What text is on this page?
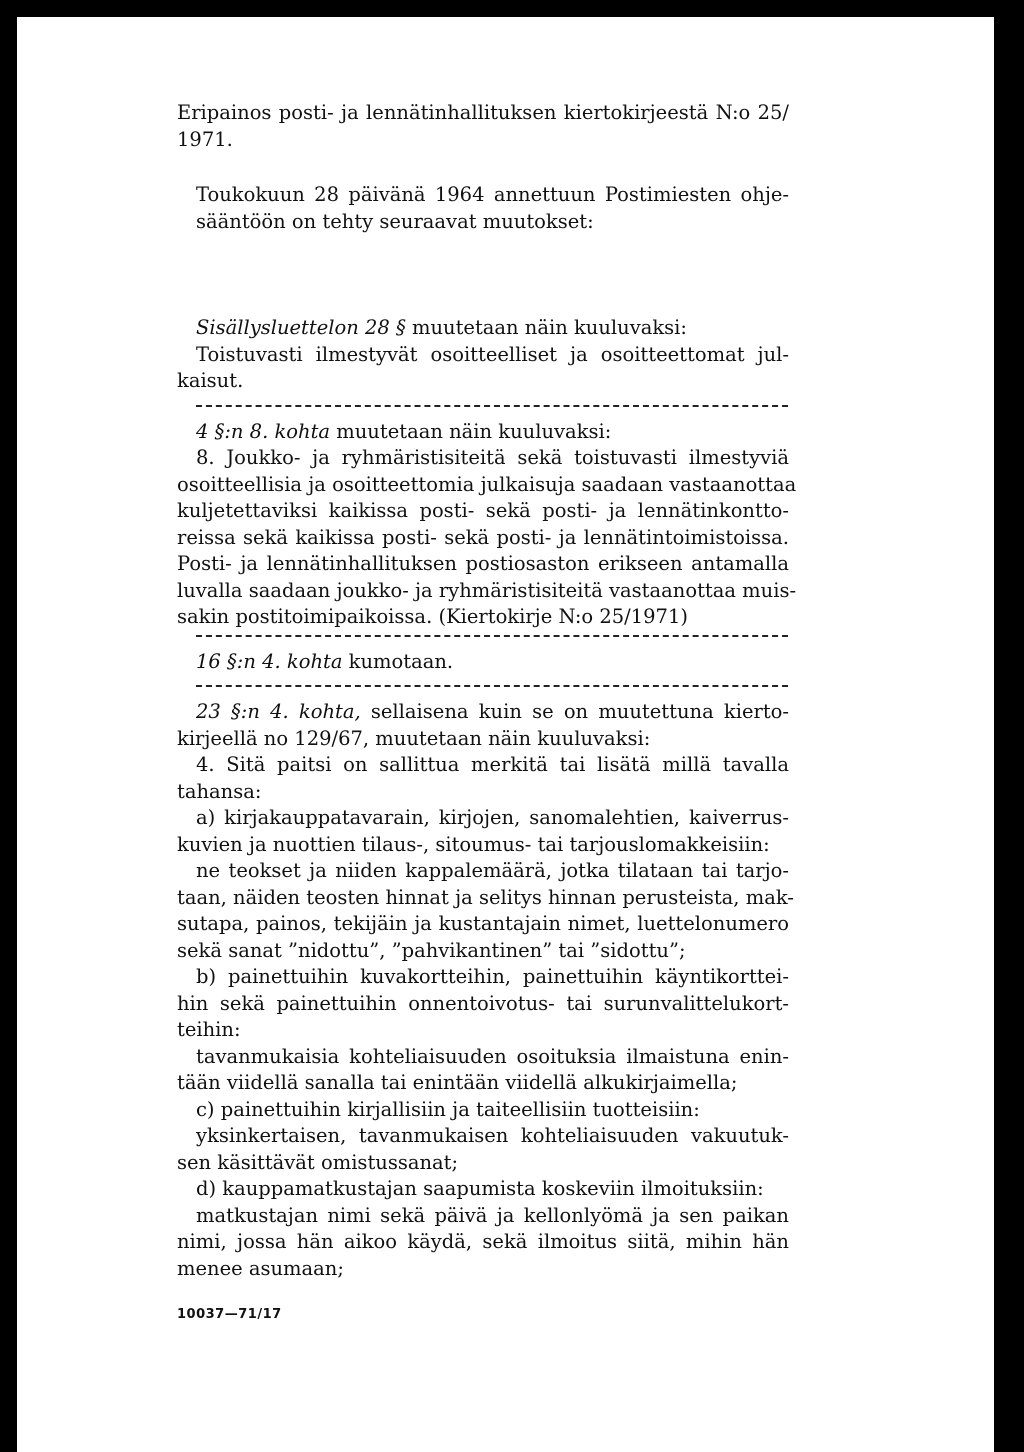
Eripainos posti- ja lennätinhallituksen kiertokirjeestä N:o 25/
1971.
Toukokuun 28 päivänä 1964 annettuun Postimiesten ohje-
sääntöön on tehty seuraavat muutokset:
Sisällysluettelon 28 § muutetaan näin kuuluvaksi:
Toistuvasti ilmestyvät osoitteelliset ja osoitteettomat jul-
kaisut.
4 §:n 8. kohta muutetaan näin kuuluvaksi:
8. Joukko- ja ryhmäristisiteitä sekä toistuvasti ilmestyviä
osoitteellisia ja osoitteettomia julkaisuja saadaan vastaanottaa
kuljetettaviksi kaikissa posti- sekä posti- ja lennätinkontto-
reissa sekä kaikissa posti- sekä posti- ja lennätintoimistoissa.
Posti- ja lennätinhallituksen postiosaston erikseen antamalla
luvalla saadaan joukko- ja ryhmäristisiteitä vastaanottaa muis-
sakin postitoimipaikoissa. (Kiertokirje N:o 25/1971)
16 §:n 4. kohta kumotaan.
23 §:n 4. kohta, sellaisena kuin se on muutettuna kierto-
kirjeellä no 129/67, muutetaan näin kuuluvaksi:
4. Sitä paitsi on sallittua merkitä tai lisätä millä tavalla
tahansa:
a) kirjakauppatavarain, kirjojen, sanomalehtien, kaiverrus-
kuvien ja nuottien tilaus-, sitoumus- tai tarjouslomakkeisiin:
ne teokset ja niiden kappalemäärä, jotka tilataan tai tarjo-
taan, näiden teosten hinnat ja selitys hinnan perusteista, mak-
sutapa, painos, tekijäin ja kustantajain nimet, luettelonumero
sekä sanat ”nidottu”, ”pahvikantinen” tai ”sidottu”;
b) painettuihin kuvakortteihin, painettuihin käyntikorttei-
hin sekä painettuihin onnentoivotus- tai surunvalittelukort-
teihin:
tavanmukaisia kohteliaisuuden osoituksia ilmaistuna enin-
tään viidellä sanalla tai enintään viidellä alkukirjaimella;
c) painettuihin kirjallisiin ja taiteellisiin tuotteisiin:
yksinkertaisen, tavanmukaisen kohteliaisuuden vakuutuk-
sen käsittävät omistussanat;
d) kauppamatkustajan saapumista koskeviin ilmoituksiin:
matkustajan nimi sekä päivä ja kellonlyömä ja sen paikan
nimi, jossa hän aikoo käydä, sekä ilmoitus siitä, mihin hän
menee asumaan;
10037—71/17
